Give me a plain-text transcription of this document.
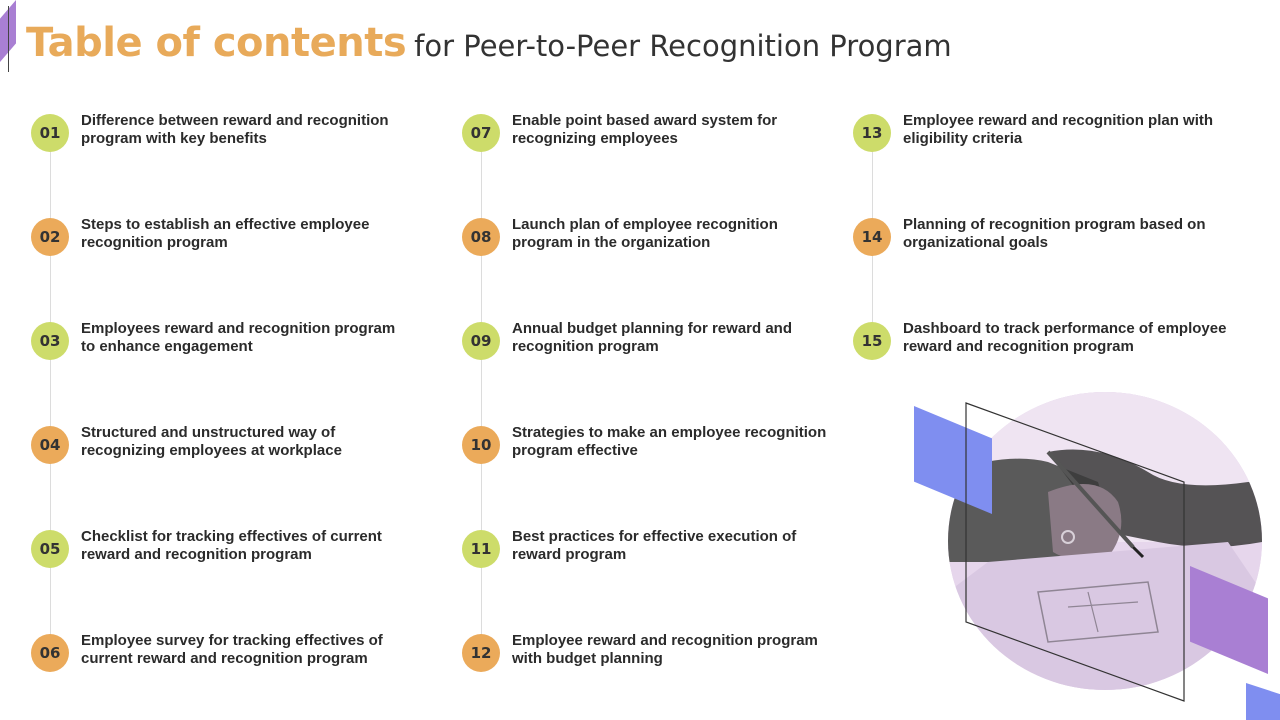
Table of contents for Peer-to-Peer Recognition Program
01
Difference between reward and recognition program with key benefits
02
Steps to establish an effective employee recognition program
03
Employees reward and recognition program to enhance engagement
04
Structured and unstructured way of recognizing employees at workplace
05
Checklist for tracking effectives of current reward and recognition program
06
Employee survey for tracking effectives of current reward and recognition program
07
Enable point based award system for recognizing employees
08
Launch plan of employee recognition program in the organization
09
Annual budget planning for reward and recognition program
10
Strategies to make an employee recognition program effective
11
Best practices for effective execution of reward program
12
Employee reward and recognition program with budget planning
13
Employee reward and recognition plan with eligibility criteria
14
Planning of recognition program based on organizational goals
15
Dashboard to track performance of employee reward and recognition program
